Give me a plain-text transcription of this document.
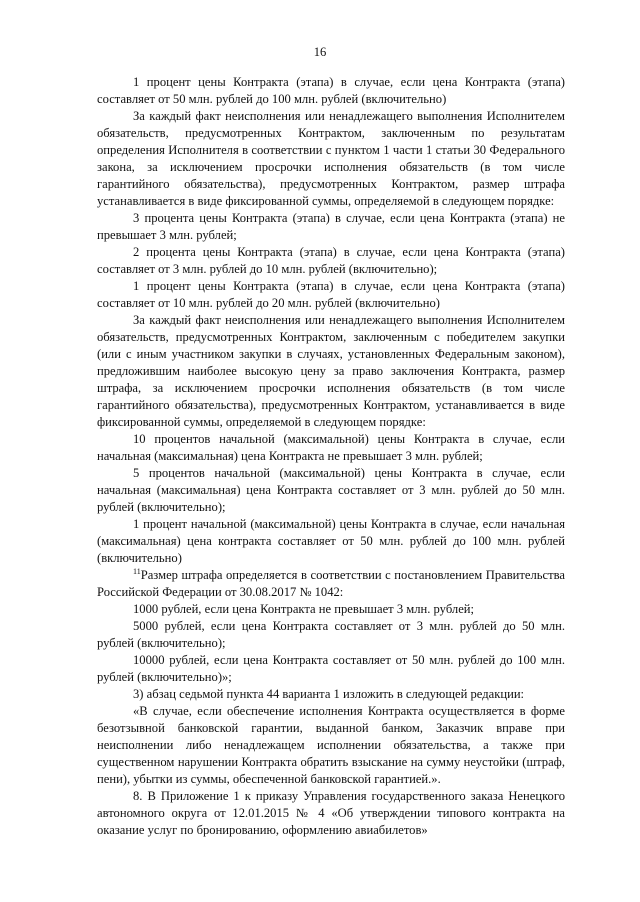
16

1 процент цены Контракта (этапа) в случае, если цена Контракта (этапа) составляет от 50 млн. рублей до 100 млн. рублей (включительно)

За каждый факт неисполнения или ненадлежащего выполнения Исполнителем обязательств, предусмотренных Контрактом, заключенным по результатам определения Исполнителя в соответствии с пунктом 1 части 1 статьи 30 Федерального закона, за исключением просрочки исполнения обязательств (в том числе гарантийного обязательства), предусмотренных Контрактом, размер штрафа устанавливается в виде фиксированной суммы, определяемой в следующем порядке:

3 процента цены Контракта (этапа) в случае, если цена Контракта (этапа) не превышает 3 млн. рублей;

2 процента цены Контракта (этапа) в случае, если цена Контракта (этапа) составляет от 3 млн. рублей до 10 млн. рублей (включительно);

1 процент цены Контракта (этапа) в случае, если цена Контракта (этапа) составляет от 10 млн. рублей до 20 млн. рублей (включительно)

За каждый факт неисполнения или ненадлежащего выполнения Исполнителем обязательств, предусмотренных Контрактом, заключенным с победителем закупки (или с иным участником закупки в случаях, установленных Федеральным законом), предложившим наиболее высокую цену за право заключения Контракта, размер штрафа, за исключением просрочки исполнения обязательств (в том числе гарантийного обязательства), предусмотренных Контрактом, устанавливается в виде фиксированной суммы, определяемой в следующем порядке:

10 процентов начальной (максимальной) цены Контракта в случае, если начальная (максимальная) цена Контракта не превышает 3 млн. рублей;

5 процентов начальной (максимальной) цены Контракта в случае, если начальная (максимальная) цена Контракта составляет от 3 млн. рублей до 50 млн. рублей (включительно);

1 процент начальной (максимальной) цены Контракта в случае, если начальная (максимальная) цена контракта составляет от 50 млн. рублей до 100 млн. рублей (включительно)

$^{11}$Размер штрафа определяется в соответствии с постановлением Правительства Российской Федерации от 30.08.2017 № 1042:

1000 рублей, если цена Контракта не превышает 3 млн. рублей;

5000 рублей, если цена Контракта составляет от 3 млн. рублей до 50 млн. рублей (включительно);

10000 рублей, если цена Контракта составляет от 50 млн. рублей до 100 млн. рублей (включительно)»;

3) абзац седьмой пункта 44 варианта 1 изложить в следующей редакции:

«В случае, если обеспечение исполнения Контракта осуществляется в форме безотзывной банковской гарантии, выданной банком, Заказчик вправе при неисполнении либо ненадлежащем исполнении обязательства, а также при существенном нарушении Контракта обратить взыскание на сумму неустойки (штраф, пени), убытки из суммы, обеспеченной банковской гарантией.».

8. В Приложение 1 к приказу Управления государственного заказа Ненецкого автономного округа от 12.01.2015 № 4 «Об утверждении типового контракта на оказание услуг по бронированию, оформлению авиабилетов»
